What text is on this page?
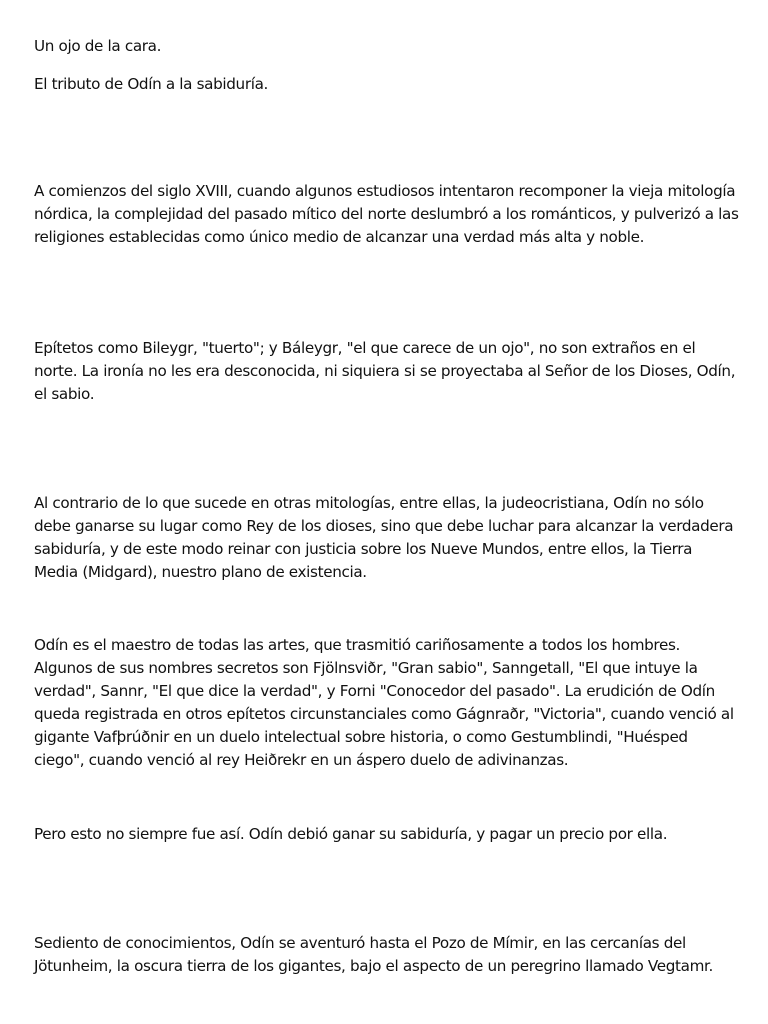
Un ojo de la cara.

El tributo de Odín a la sabiduría.

A comienzos del siglo XVIII, cuando algunos estudiosos intentaron recomponer la vieja mitología
nórdica, la complejidad del pasado mítico del norte deslumbró a los románticos, y pulverizó a las
religiones establecidas como único medio de alcanzar una verdad más alta y noble.
Epítetos como Bileygr, "tuerto"; y Báleygr, "el que carece de un ojo", no son extraños en el
norte. La ironía no les era desconocida, ni siquiera si se proyectaba al Señor de los Dioses, Odín,
el sabio.
Al contrario de lo que sucede en otras mitologías, entre ellas, la judeocristiana, Odín no sólo
debe ganarse su lugar como Rey de los dioses, sino que debe luchar para alcanzar la verdadera
sabiduría, y de este modo reinar con justicia sobre los Nueve Mundos, entre ellos, la Tierra
Media (Midgard), nuestro plano de existencia.
Odín es el maestro de todas las artes, que trasmitió cariñosamente a todos los hombres.
Algunos de sus nombres secretos son Fjölnsviðr, "Gran sabio", Sanngetall, "El que intuye la
verdad", Sannr, "El que dice la verdad", y Forni "Conocedor del pasado". La erudición de Odín
queda registrada en otros epítetos circunstanciales como Gágnraðr, "Victoria", cuando venció al
gigante Vafþrúðnir en un duelo intelectual sobre historia, o como Gestumblindi, "Huésped
ciego", cuando venció al rey Heiðrekr en un áspero duelo de adivinanzas.
Pero esto no siempre fue así. Odín debió ganar su sabiduría, y pagar un precio por ella.
Sediento de conocimientos, Odín se aventuró hasta el Pozo de Mímir, en las cercanías del
Jötunheim, la oscura tierra de los gigantes, bajo el aspecto de un peregrino llamado Vegtamr.
